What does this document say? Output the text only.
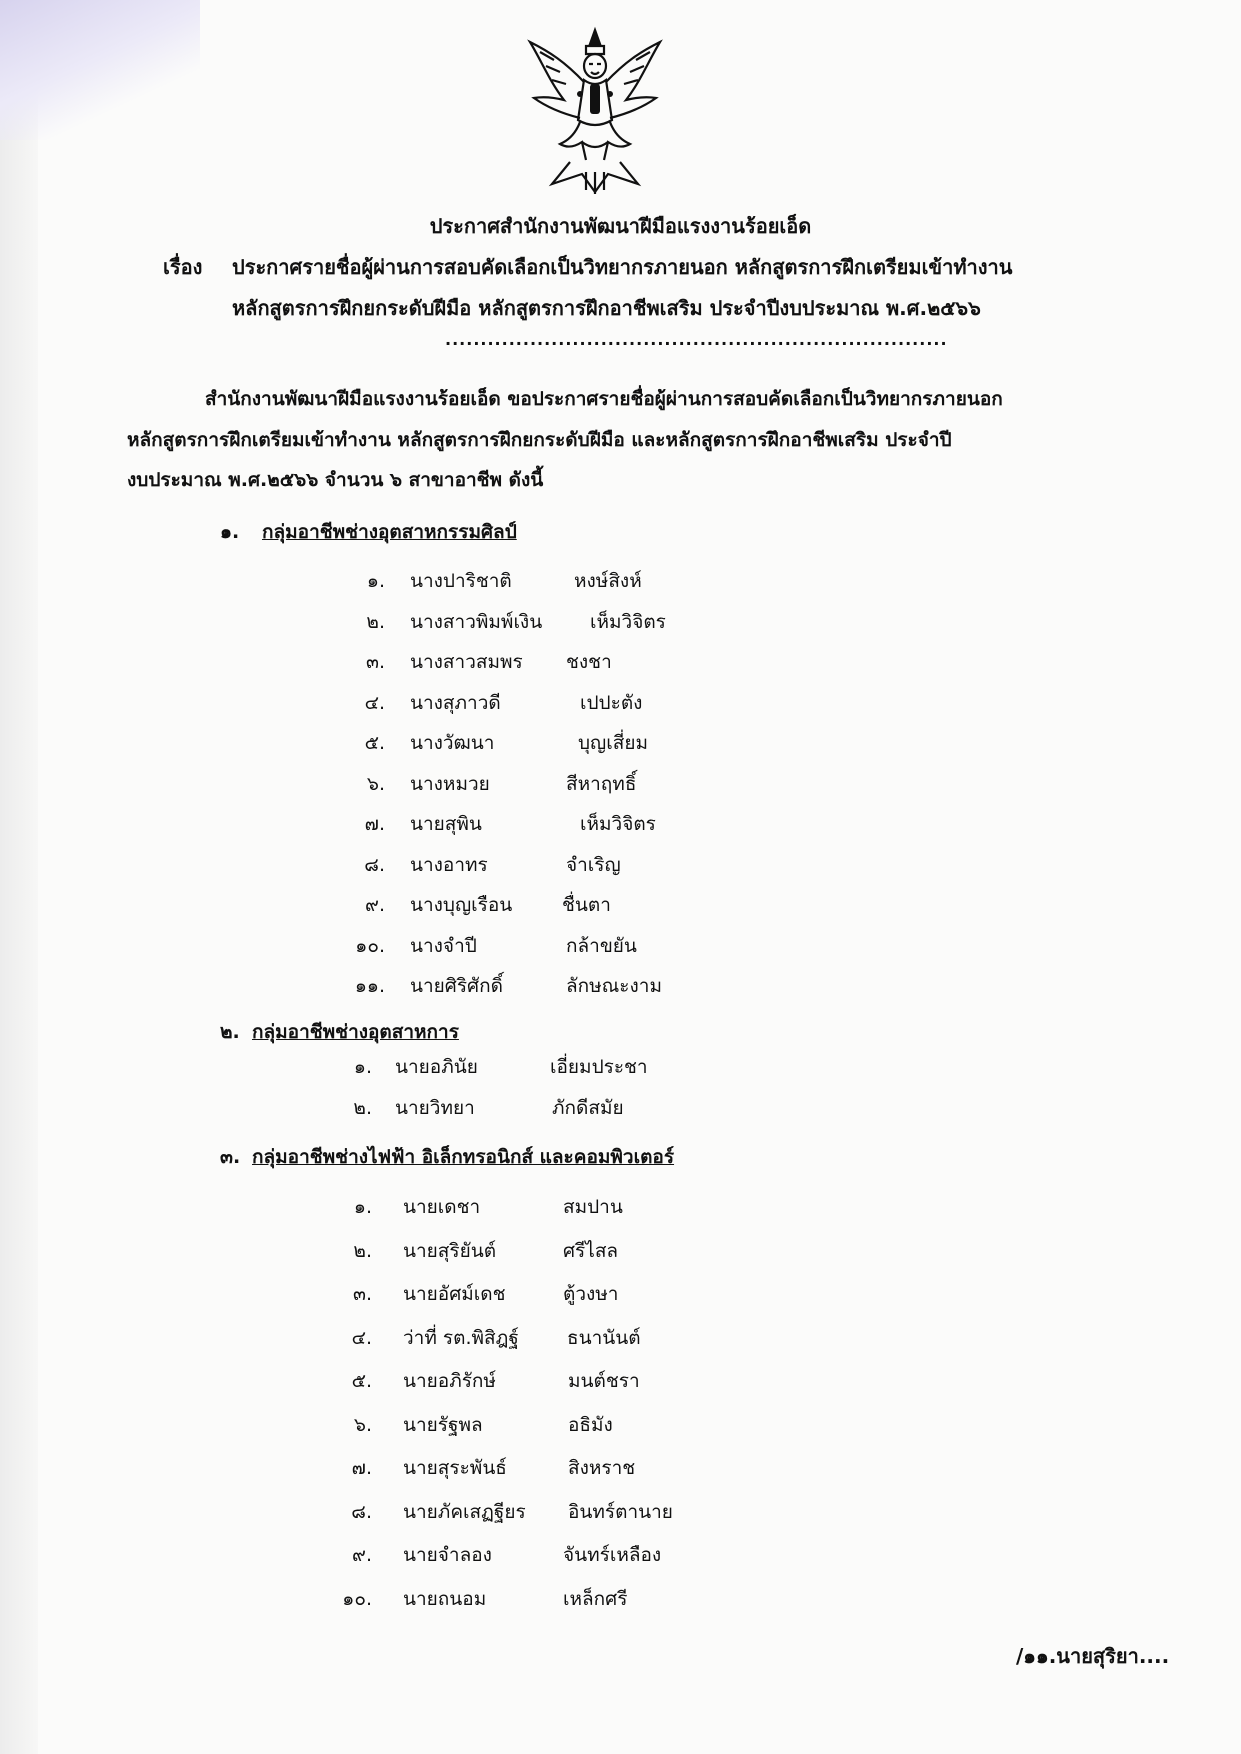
ประกาศสำนักงานพัฒนาฝีมือแรงงานร้อยเอ็ด
เรื่อง ประกาศรายชื่อผู้ผ่านการสอบคัดเลือกเป็นวิทยากรภายนอก หลักสูตรการฝึกเตรียมเข้าทำงาน
หลักสูตรการฝึกยกระดับฝีมือ หลักสูตรการฝึกอาชีพเสริม ประจำปีงบประมาณ พ.ศ.๒๕๖๖
.......................................................................
สำนักงานพัฒนาฝีมือแรงงานร้อยเอ็ด ขอประกาศรายชื่อผู้ผ่านการสอบคัดเลือกเป็นวิทยากรภายนอก
หลักสูตรการฝึกเตรียมเข้าทำงาน หลักสูตรการฝึกยกระดับฝีมือ และหลักสูตรการฝึกอาชีพเสริม ประจำปี
งบประมาณ พ.ศ.๒๕๖๖ จำนวน ๖ สาขาอาชีพ ดังนี้
๑. กลุ่มอาชีพช่างอุตสาหกรรมศิลป์
๑. นางปาริชาติ	หงษ์สิงห์
๒. นางสาวพิมพ์เงิน	เห็มวิจิตร
๓. นางสาวสมพร ชงชา
๔. นางสุภาวดี	เปปะตัง
๕. นางวัฒนา	บุญเสี่ยม
๖. นางหมวย	สีหาฤทธิ์
๗. นายสุพิน	เห็มวิจิตร
๘. นางอาทร	จำเริญ
๙. นางบุญเรือน	ชื่นตา
๑๐. นางจำปี	กล้าขยัน
๑๑. นายศิริศักดิ์	ลักษณะงาม
๒. กลุ่มอาชีพช่างอุตสาหการ
๑. นายอภินัย	เอี่ยมประชา
๒. นายวิทยา	ภักดีสมัย
๓. กลุ่มอาชีพช่างไฟฟ้า อิเล็กทรอนิกส์ และคอมพิวเตอร์
๑. นายเดชา	สมปาน
๒. นายสุริยันต์	ศรีไสล
๓. นายอัศม์เดช	ตู้วงษา
๔. ว่าที่ รต.พิสิฎฐ์	ธนานันต์
๕. นายอภิรักษ์	มนต์ชรา
๖. นายรัฐพล	อธิมัง
๗. นายสุระพันธ์	สิงหราช
๘. นายภัคเสฏฐียร อินทร์ตานาย
๙. นายจำลอง	จันทร์เหลือง
๑๐. นายถนอม	เหล็กศรี
/๑๑.นายสุริยา....
